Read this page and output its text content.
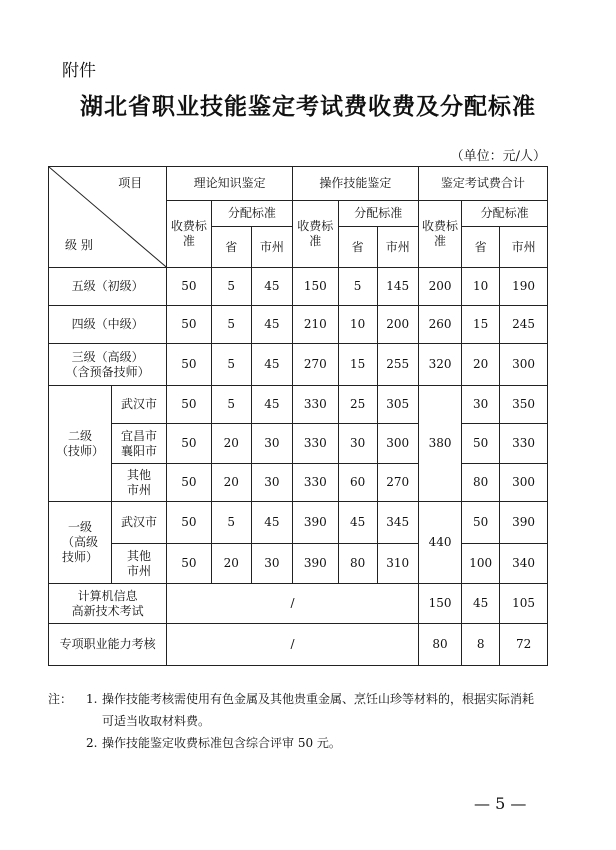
附件
湖北省职业技能鉴定考试费收费及分配标准
（单位：元/人）
项目
级 别		理论知识鉴定			操作技能鉴定			鉴定考试费合计		
		收费标准	分配标准		收费标准	分配标准		收费标准	分配标准	
			省	市州		省	市州		省	市州
五级（初级）		50	5	45	150	5	145	200	10	190
四级（中级）		50	5	45	210	10	200	260	15	245
三级（高级）
（含预备技师）		50	5	45	270	15	255	320	20	300
二级
（技师）	武汉市	50	5	45	330	25	305	380	30	350
	宜昌市
襄阳市	50	20	30	330	30	300		50	330
	其他
市州	50	20	30	330	60	270		80	300
一级
（高级
技师）	武汉市	50	5	45	390	45	345	440	50	390
	其他
市州	50	20	30	390	80	310		100	340
计算机信息
高新技术考试		/						150	45	105
专项职业能力考核		/						80	8	72
注：	1. 操作技能考核需使用有色金属及其他贵重金属、烹饪山珍等材料的，根据实际消耗
可适当收取材料费。
2. 操作技能鉴定收费标准包含综合评审 50 元。
— 5 —
